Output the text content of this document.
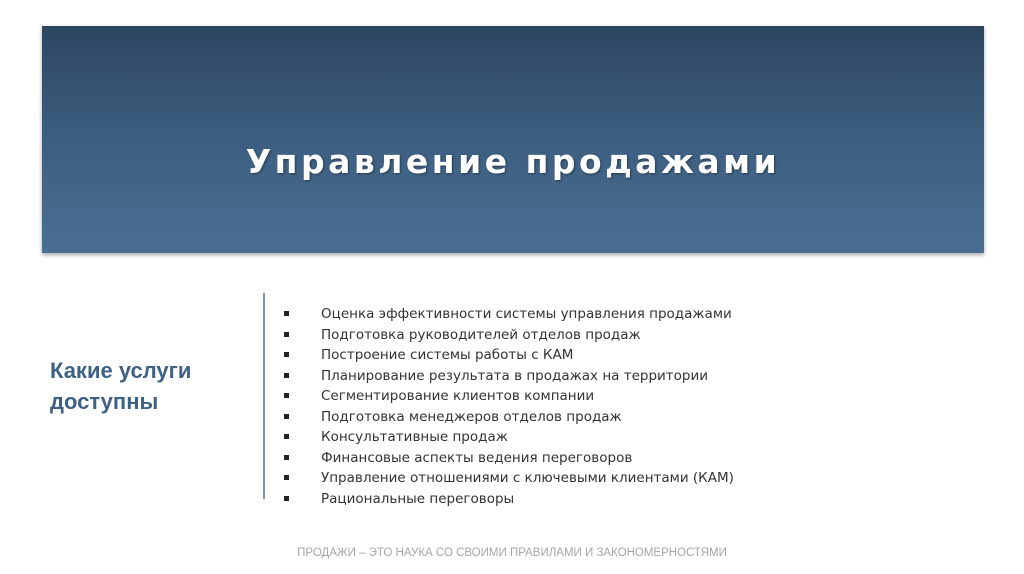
Управление продажами
Какие услуги доступны
Оценка эффективности системы управления продажами
Подготовка руководителей отделов продаж
Построение системы работы с КАМ
Планирование результата в продажах на территории
Сегментирование клиентов компании
Подготовка менеджеров отделов продаж
Консультативные продаж
Финансовые аспекты ведения переговоров
Управление отношениями с ключевыми клиентами (КАМ)
Рациональные переговоры

ПРОДАЖИ – ЭТО НАУКА СО СВОИМИ ПРАВИЛАМИ И ЗАКОНОМЕРНОСТЯМИ
